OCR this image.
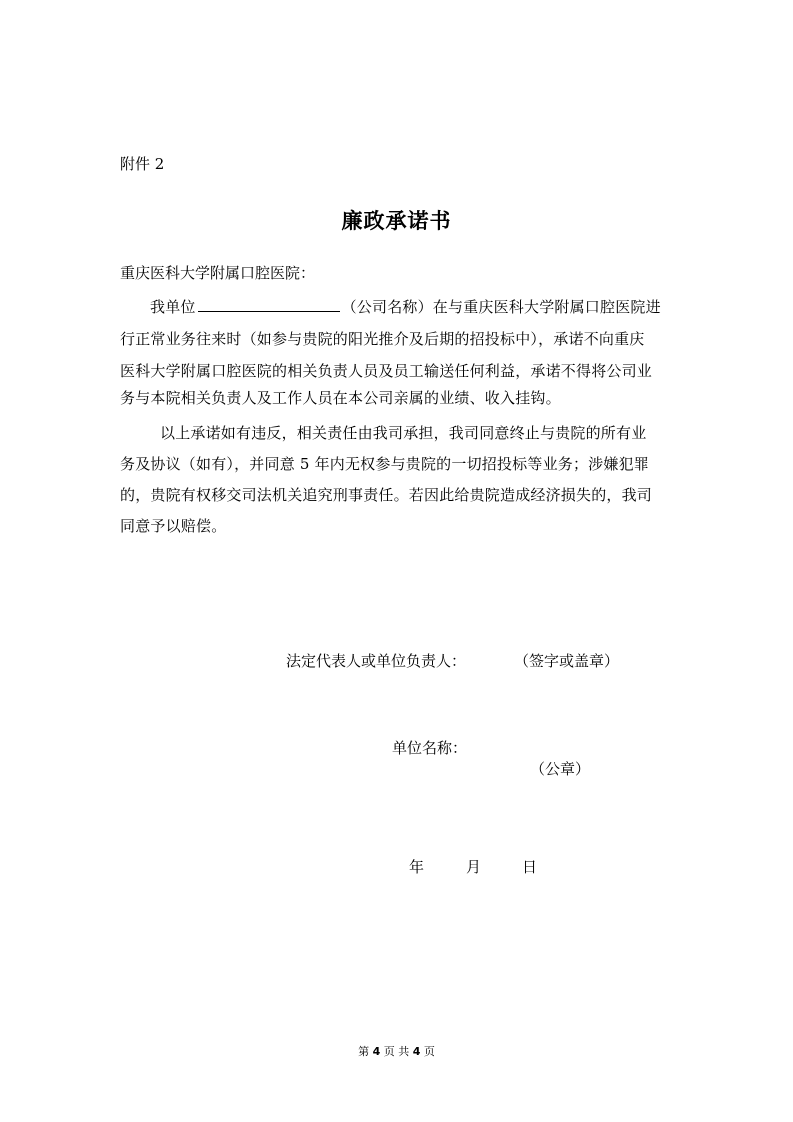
附件 2
廉政承诺书
重庆医科大学附属口腔医院：
我单位	（公司名称）在与重庆医科大学附属口腔医院进
行正常业务往来时（如参与贵院的阳光推介及后期的招投标中），承诺不向重庆
医科大学附属口腔医院的相关负责人员及员工输送任何利益，承诺不得将公司业
务与本院相关负责人及工作人员在本公司亲属的业绩、收入挂钩。
以上承诺如有违反，相关责任由我司承担，我司同意终止与贵院的所有业
务及协议（如有），并同意 5 年内无权参与贵院的一切招投标等业务；涉嫌犯罪
的，贵院有权移交司法机关追究刑事责任。若因此给贵院造成经济损失的，我司
同意予以赔偿。
法定代表人或单位负责人：	（签字或盖章）
单位名称：
（公章）
年	月	日
第 4 页 共 4 页
